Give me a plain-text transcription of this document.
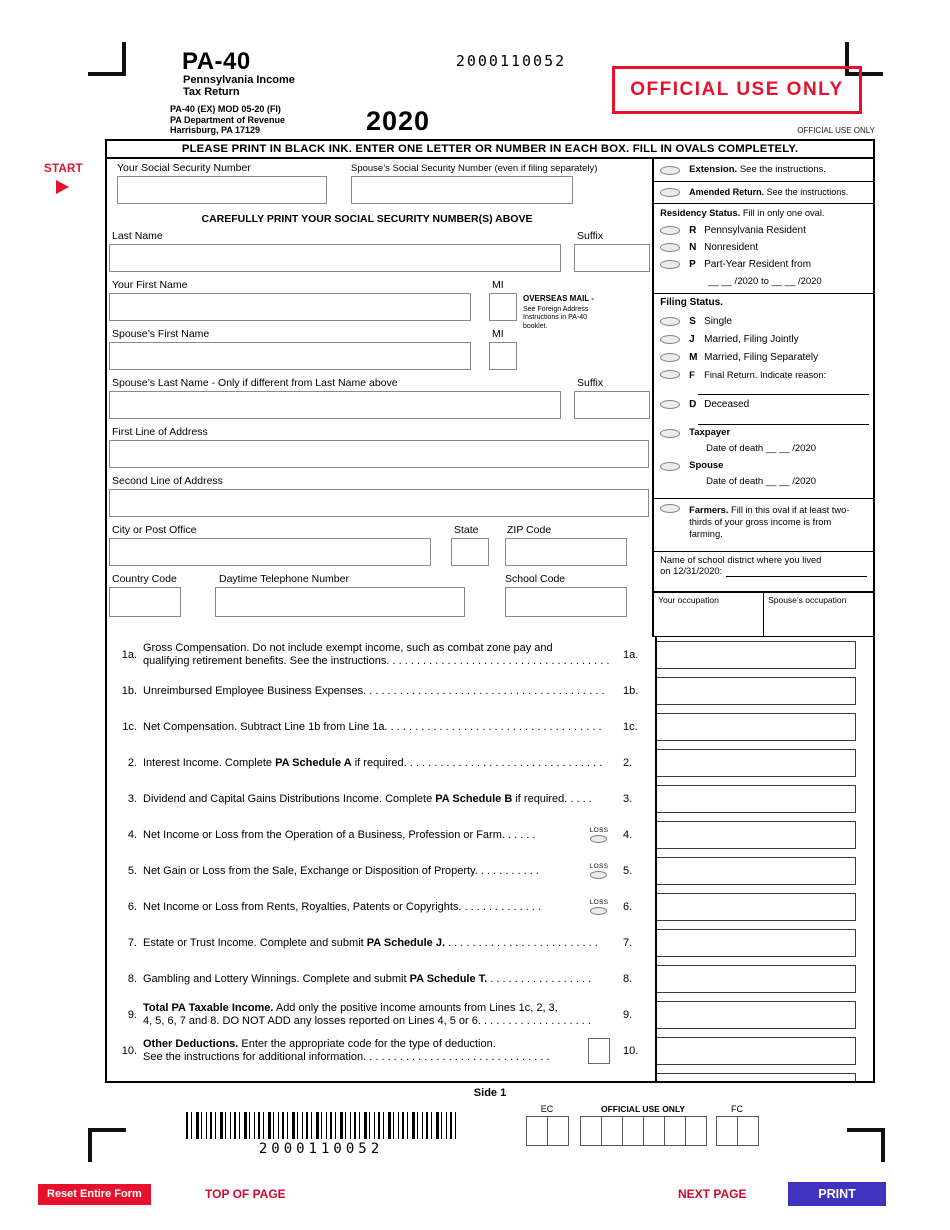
PA-40
Pennsylvania Income
Tax Return
PA-40 (EX) MOD 05-20 (FI)
PA Department of Revenue
Harrisburg, PA 17129
2000110052
2020
OFFICIAL USE ONLY
OFFICIAL USE ONLY
START
PLEASE PRINT IN BLACK INK. ENTER ONE LETTER OR NUMBER IN EACH BOX. FILL IN OVALS COMPLETELY.
Your Social Security Number	Spouse’s Social Security Number (even if filing separately)
CAREFULLY PRINT YOUR SOCIAL SECURITY NUMBER(S) ABOVE
Last Name	Suffix
Your First Name	MI
OVERSEAS MAIL -
See Foreign Address Instructions in PA-40 booklet.
Spouse’s First Name	MI
Spouse’s Last Name - Only if different from Last Name above	Suffix
First Line of Address
Second Line of Address
City or Post Office	State	ZIP Code
Country Code	Daytime Telephone Number	School Code
Extension. See the instructions.
Amended Return. See the instructions.
Residency Status. Fill in only one oval.
R Pennsylvania Resident
N Nonresident
P Part-Year Resident from
__ __ /2020 to __ __ /2020
Filing Status.
S Single
J Married, Filing Jointly
M Married, Filing Separately
F	Final Return. Indicate reason:
D Deceased
Taxpayer
Date of death __ __ /2020
Spouse
Date of death __ __ /2020
Farmers. Fill in this oval if at least two-thirds of your gross income is from farming.
Name of school district where you lived
on 12/31/2020:
Your occupation	Spouse’s occupation
1a.
Gross Compensation. Do not include exempt income, such as combat zone pay and
qualifying retirement benefits. See the instructions. . . . . . . . . . . . . . . . . . . . . . . . . . . . . . . . . . . . .	1a.
1b. Unreimbursed Employee Business Expenses. . . . . . . . . . . . . . . . . . . . . . . . . . . . . . . . . . . . . . . .	1b.
1c. Net Compensation. Subtract Line 1b from Line 1a. . . . . . . . . . . . . . . . . . . . . . . . . . . . . . . . . . . .	1c.
2. Interest Income. Complete PA Schedule A if required. . . . . . . . . . . . . . . . . . . . . . . . . . . . . . . . .	2.
3. Dividend and Capital Gains Distributions Income. Complete PA Schedule B if required. . . . .	3.
4. Net Income or Loss from the Operation of a Business, Profession or Farm. . . . . .	LOSS	4.
5. Net Gain or Loss from the Sale, Exchange or Disposition of Property. . . . . . . . . . .	LOSS	5.
6. Net Income or Loss from Rents, Royalties, Patents or Copyrights. . . . . . . . . . . . . .	LOSS	6.
7. Estate or Trust Income. Complete and submit PA Schedule J. . . . . . . . . . . . . . . . . . . . . . . . . .	7.
8. Gambling and Lottery Winnings. Complete and submit PA Schedule T. . . . . . . . . . . . . . . . . .	8.
9.
Total PA Taxable Income. Add only the positive income amounts from Lines 1c, 2, 3,
4, 5, 6, 7 and 8. DO NOT ADD any losses reported on Lines 4, 5 or 6. . . . . . . . . . . . . . . . . . .	9.
10.
Other Deductions. Enter the appropriate code for the type of deduction.
See the instructions for additional information. . . . . . . . . . . . . . . . . . . . . . . . . . . . . . .	10.
Side 1
2000110052
EC	OFFICIAL USE ONLY	FC
Reset Entire Form	TOP OF PAGE	NEXT PAGE	PRINT
